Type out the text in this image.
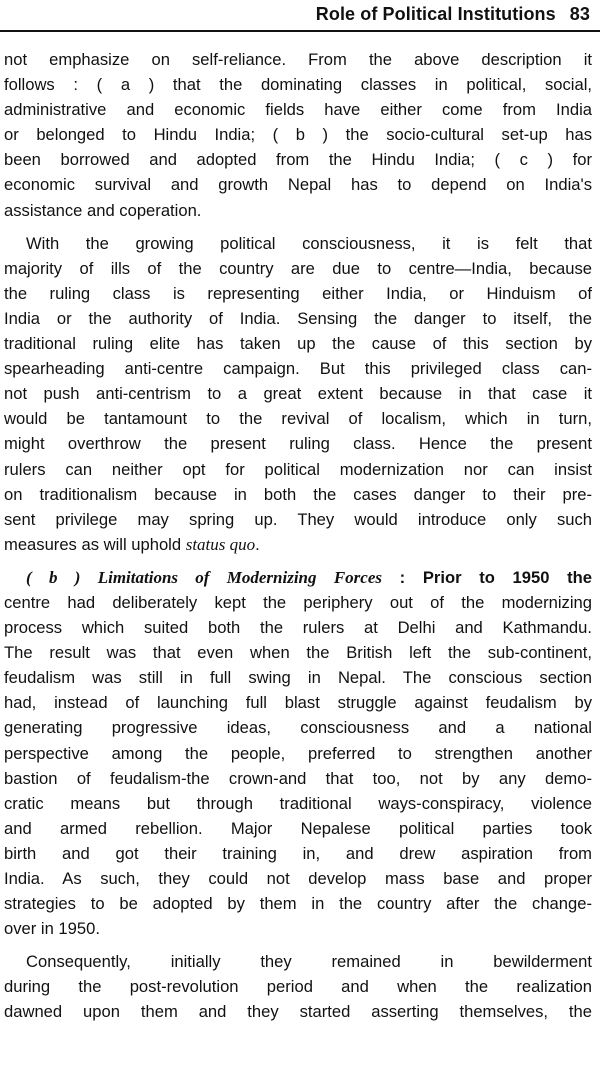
Role of Political Institutions 83
not emphasize on self-reliance. From the above description it
follows : ( a ) that the dominating classes in political, social,
administrative and economic fields have either come from India
or belonged to Hindu India; ( b ) the socio-cultural set-up has
been borrowed and adopted from the Hindu India; ( c ) for
economic survival and growth Nepal has to depend on India's
assistance and coperation.
With the growing political consciousness, it is felt that
majority of ills of the country are due to centre—India, because
the ruling class is representing either India, or Hinduism of
India or the authority of India. Sensing the danger to itself, the
traditional ruling elite has taken up the cause of this section by
spearheading anti-centre campaign. But this privileged class can-
not push anti-centrism to a great extent because in that case it
would be tantamount to the revival of localism, which in turn,
might overthrow the present ruling class. Hence the present
rulers can neither opt for political modernization nor can insist
on traditionalism because in both the cases danger to their pre-
sent privilege may spring up. They would introduce only such
measures as will uphold status quo.
( b ) Limitations of Modernizing Forces : Prior to 1950 the
centre had deliberately kept the periphery out of the modernizing
process which suited both the rulers at Delhi and Kathmandu.
The result was that even when the British left the sub-continent,
feudalism was still in full swing in Nepal. The conscious section
had, instead of launching full blast struggle against feudalism by
generating progressive ideas, consciousness and a national
perspective among the people, preferred to strengthen another
bastion of feudalism-the crown-and that too, not by any demo-
cratic means but through traditional ways-conspiracy, violence
and armed rebellion. Major Nepalese political parties took
birth and got their training in, and drew aspiration from
India. As such, they could not develop mass base and proper
strategies to be adopted by them in the country after the change-
over in 1950.
Consequently, initially they remained in bewilderment
during the post-revolution period and when the realization
dawned upon them and they started asserting themselves, the
